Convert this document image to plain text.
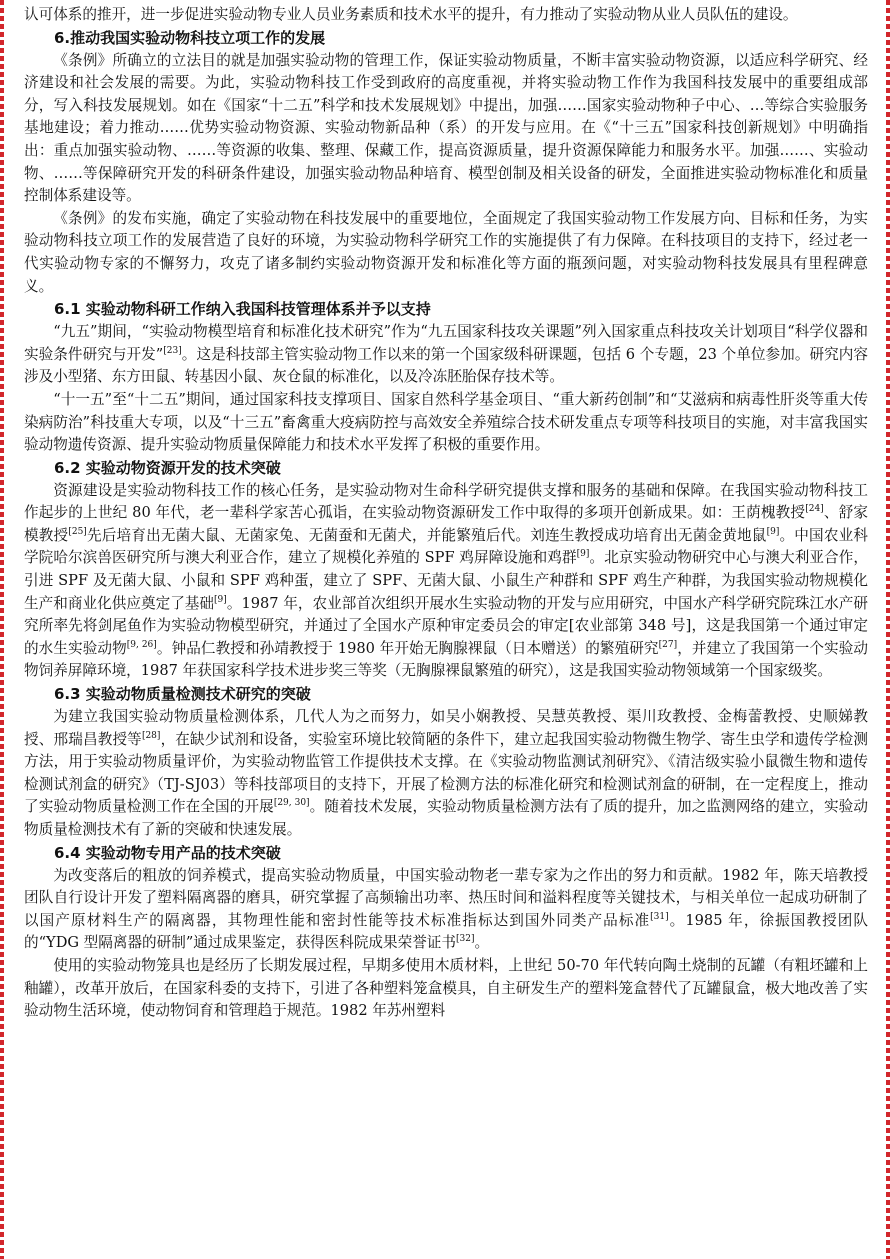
认可体系的推开，进一步促进实验动物专业人员业务素质和技术水平的提升，有力推动了实验动物从业人员队伍的建设。

6.推动我国实验动物科技立项工作的发展

《条例》所确立的立法目的就是加强实验动物的管理工作，保证实验动物质量，不断丰富实验动物资源，以适应科学研究、经济建设和社会发展的需要。为此，实验动物科技工作受到政府的高度重视，并将实验动物工作作为我国科技发展中的重要组成部分，写入科技发展规划。如在《国家“十二五”科学和技术发展规划》中提出，加强……国家实验动物种子中心、…等综合实验服务基地建设；着力推动……优势实验动物资源、实验动物新品种（系）的开发与应用。在《“十三五”国家科技创新规划》中明确指出：重点加强实验动物、……等资源的收集、整理、保藏工作，提高资源质量，提升资源保障能力和服务水平。加强……、实验动物、……等保障研究开发的科研条件建设，加强实验动物品种培育、模型创制及相关设备的研发，全面推进实验动物标准化和质量控制体系建设等。

《条例》的发布实施，确定了实验动物在科技发展中的重要地位，全面规定了我国实验动物工作发展方向、目标和任务，为实验动物科技立项工作的发展营造了良好的环境，为实验动物科学研究工作的实施提供了有力保障。在科技项目的支持下，经过老一代实验动物专家的不懈努力，攻克了诸多制约实验动物资源开发和标准化等方面的瓶颈问题，对实验动物科技发展具有里程碑意义。

6.1 实验动物科研工作纳入我国科技管理体系并予以支持

“九五”期间，“实验动物模型培育和标准化技术研究”作为“九五国家科技攻关课题”列入国家重点科技攻关计划项目“科学仪器和实验条件研究与开发”[23]。这是科技部主管实验动物工作以来的第一个国家级科研课题，包括 6 个专题，23 个单位参加。研究内容涉及小型猪、东方田鼠、转基因小鼠、灰仓鼠的标准化，以及冷冻胚胎保存技术等。

“十一五”至“十二五”期间，通过国家科技支撑项目、国家自然科学基金项目、“重大新药创制”和“艾滋病和病毒性肝炎等重大传染病防治”科技重大专项，以及“十三五”畜禽重大疫病防控与高效安全养殖综合技术研发重点专项等科技项目的实施，对丰富我国实验动物遗传资源、提升实验动物质量保障能力和技术水平发挥了积极的重要作用。

6.2 实验动物资源开发的技术突破

资源建设是实验动物科技工作的核心任务，是实验动物对生命科学研究提供支撑和服务的基础和保障。在我国实验动物科技工作起步的上世纪 80 年代，老一辈科学家苦心孤诣，在实验动物资源研发工作中取得的多项开创新成果。如：王荫槐教授[24]、舒家模教授[25]先后培育出无菌大鼠、无菌家兔、无菌蚕和无菌犬，并能繁殖后代。刘连生教授成功培育出无菌金黄地鼠[9]。中国农业科学院哈尔滨兽医研究所与澳大利亚合作，建立了规模化养殖的 SPF 鸡屏障设施和鸡群[9]。北京实验动物研究中心与澳大利亚合作，引进 SPF 及无菌大鼠、小鼠和 SPF 鸡种蛋，建立了 SPF、无菌大鼠、小鼠生产种群和 SPF 鸡生产种群，为我国实验动物规模化生产和商业化供应奠定了基础[9]。1987 年，农业部首次组织开展水生实验动物的开发与应用研究，中国水产科学研究院珠江水产研究所率先将剑尾鱼作为实验动物模型研究，并通过了全国水产原种审定委员会的审定[农业部第 348 号]，这是我国第一个通过审定的水生实验动物[9, 26]。钟品仁教授和孙靖教授于 1980 年开始无胸腺裸鼠（日本赠送）的繁殖研究[27]，并建立了我国第一个实验动物饲养屏障环境，1987 年获国家科学技术进步奖三等奖（无胸腺裸鼠繁殖的研究），这是我国实验动物领域第一个国家级奖。

6.3 实验动物质量检测技术研究的突破

为建立我国实验动物质量检测体系，几代人为之而努力，如吴小娴教授、吴慧英教授、渠川玫教授、金梅蕾教授、史顺娣教授、邢瑞昌教授等[28]，在缺少试剂和设备，实验室环境比较简陋的条件下，建立起我国实验动物微生物学、寄生虫学和遗传学检测方法，用于实验动物质量评价，为实验动物监管工作提供技术支撑。在《实验动物监测试剂研究》、《清洁级实验小鼠微生物和遗传检测试剂盒的研究》（TJ-SJ03）等科技部项目的支持下，开展了检测方法的标准化研究和检测试剂盒的研制，在一定程度上，推动了实验动物质量检测工作在全国的开展[29, 30]。随着技术发展，实验动物质量检测方法有了质的提升，加之监测网络的建立，实验动物质量检测技术有了新的突破和快速发展。

6.4 实验动物专用产品的技术突破

为改变落后的粗放的饲养模式，提高实验动物质量，中国实验动物老一辈专家为之作出的努力和贡献。1982 年，陈天培教授团队自行设计开发了塑料隔离器的磨具，研究掌握了高频输出功率、热压时间和溢料程度等关键技术，与相关单位一起成功研制了以国产原材料生产的隔离器，其物理性能和密封性能等技术标准指标达到国外同类产品标准[31]。1985 年，徐振国教授团队的“YDG 型隔离器的研制”通过成果鉴定，获得医科院成果荣誉证书[32]。

使用的实验动物笼具也是经历了长期发展过程，早期多使用木质材料，上世纪 50-70 年代转向陶土烧制的瓦罐（有粗坯罐和上釉罐），改革开放后，在国家科委的支持下，引进了各种塑料笼盒模具，自主研发生产的塑料笼盒替代了瓦罐鼠盒，极大地改善了实验动物生活环境，使动物饲育和管理趋于规范。1982 年苏州塑料
